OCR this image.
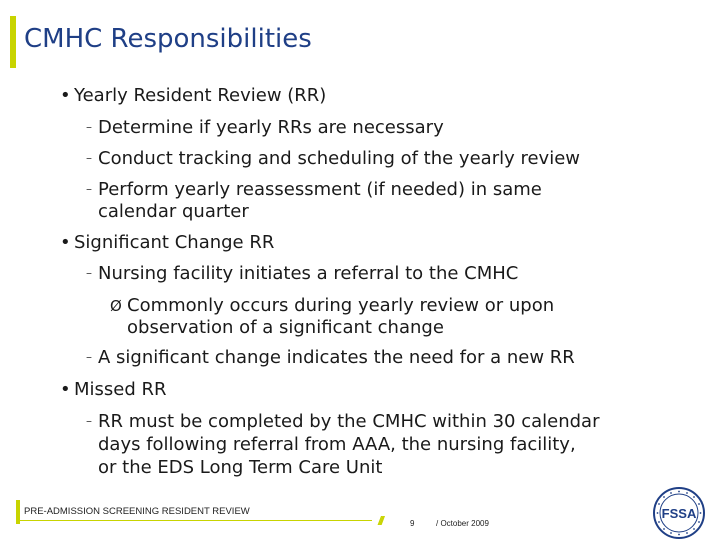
CMHC Responsibilities
• Yearly Resident Review (RR)
– Determine if yearly RRs are necessary
– Conduct tracking and scheduling of the yearly review
– Perform yearly reassessment (if needed) in same
calendar quarter
• Significant Change RR
– Nursing facility initiates a referral to the CMHC
Ø Commonly occurs during yearly review or upon
observation of a significant change
– A significant change indicates the need for a new RR
• Missed RR
– RR must be completed by the CMHC within 30 calendar
days following referral from AAA, the nursing facility,
or the EDS Long Term Care Unit
PRE-ADMISSION SCREENING RESIDENT REVIEW
///	9	/ October 2009
FSSA
